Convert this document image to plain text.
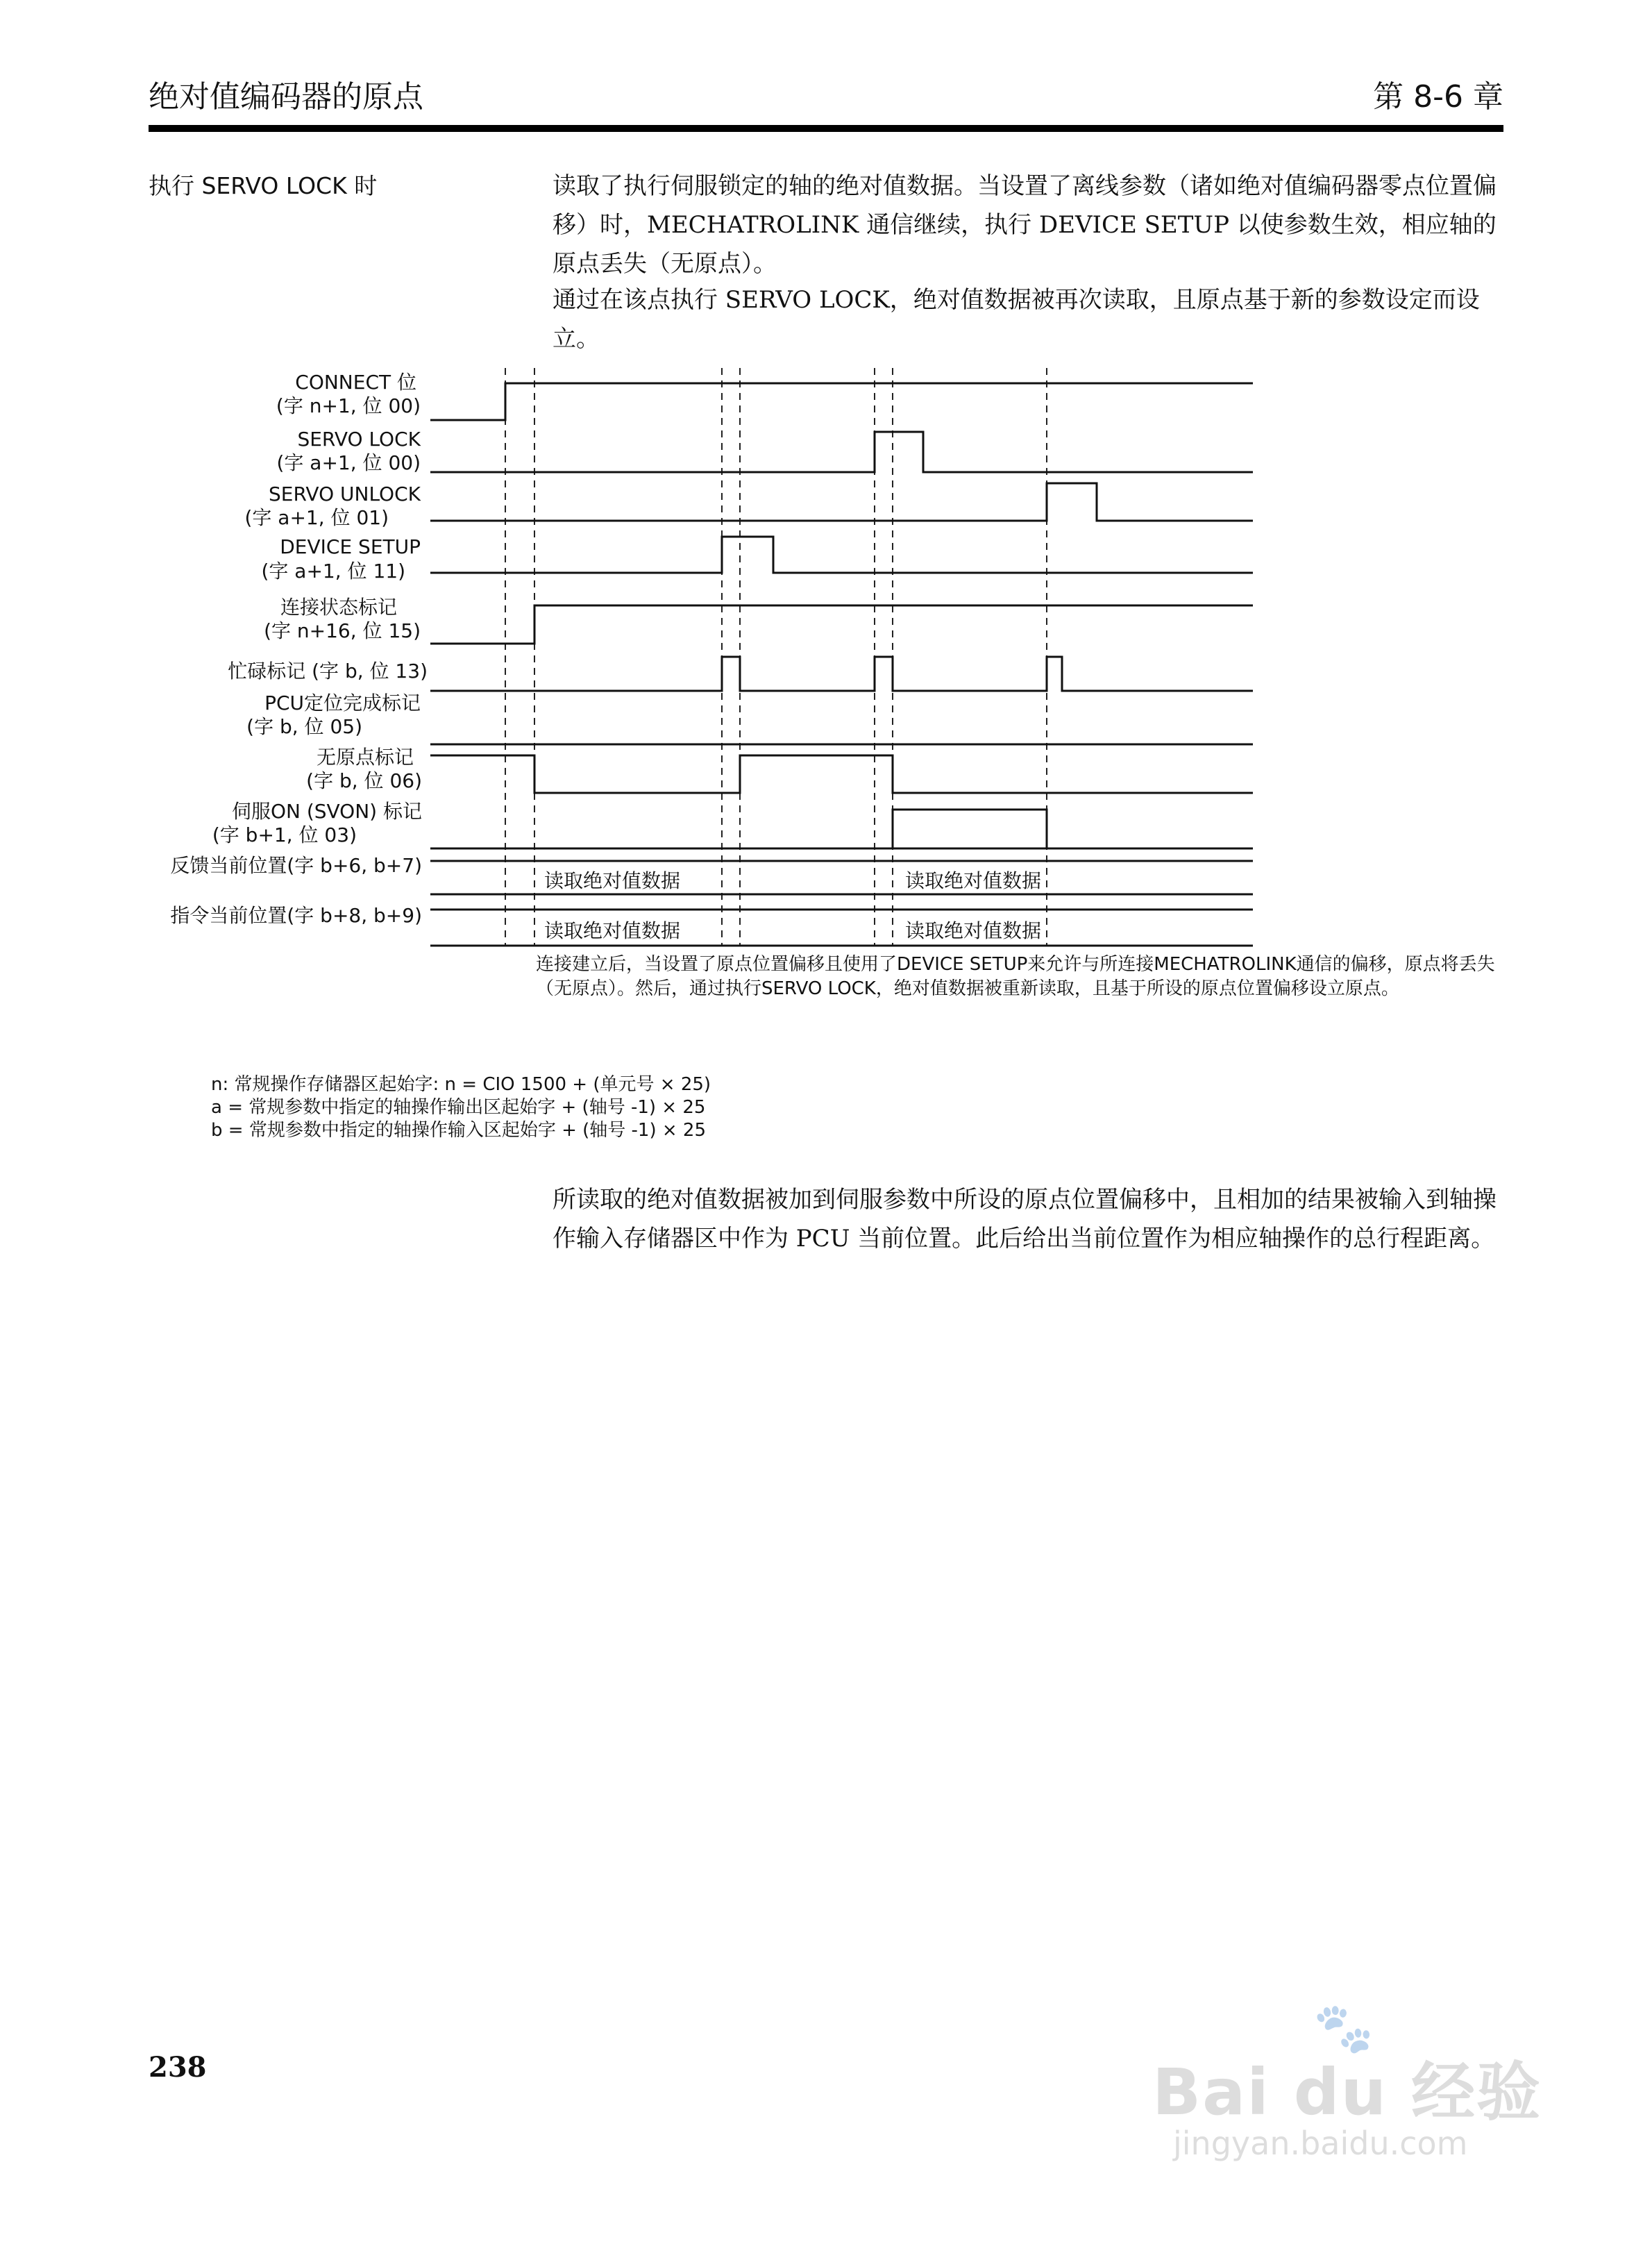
绝对值编码器的原点	第 8-6 章
执行 SERVO LOCK 时	读取了执行伺服锁定的轴的绝对值数据。当设置了离线参数（诸如绝对值编码器零点位置偏移）时，MECHATROLINK 通信继续，执行 DEVICE SETUP 以使参数生效，相应轴的原点丢失（无原点）。

通过在该点执行 SERVO LOCK，绝对值数据被再次读取，且原点基于新的参数设定而设立。

CONNECT 位
(字 n+1, 位 00)
SERVO LOCK
(字 a+1, 位 00)
SERVO UNLOCK
(字 a+1, 位 01)
DEVICE SETUP
(字 a+1, 位 11)
连接状态标记
(字 n+16, 位 15)
忙碌标记 (字 b, 位 13)
PCU定位完成标记
(字 b, 位 05)
无原点标记
(字 b, 位 06)
伺服ON (SVON) 标记
(字 b+1, 位 03)
反馈当前位置(字 b+6, b+7)
指令当前位置(字 b+8, b+9)
读取绝对值数据	读取绝对值数据
读取绝对值数据	读取绝对值数据
连接建立后，当设置了原点位置偏移且使用了DEVICE SETUP来允许与所连接MECHATROLINK通信的偏移，原点将丢失（无原点）。然后，通过执行SERVO LOCK，绝对值数据被重新读取，且基于所设的原点位置偏移设立原点。
n: 常规操作存储器区起始字: n = CIO 1500 + (单元号 × 25)
a = 常规参数中指定的轴操作输出区起始字 + (轴号 -1) × 25
b = 常规参数中指定的轴操作输入区起始字 + (轴号 -1) × 25

所读取的绝对值数据被加到伺服参数中所设的原点位置偏移中，且相加的结果被输入到轴操作输入存储器区中作为 PCU 当前位置。此后给出当前位置作为相应轴操作的总行程距离。

238
🐾
Bai du 经验
jingyan.baidu.com
